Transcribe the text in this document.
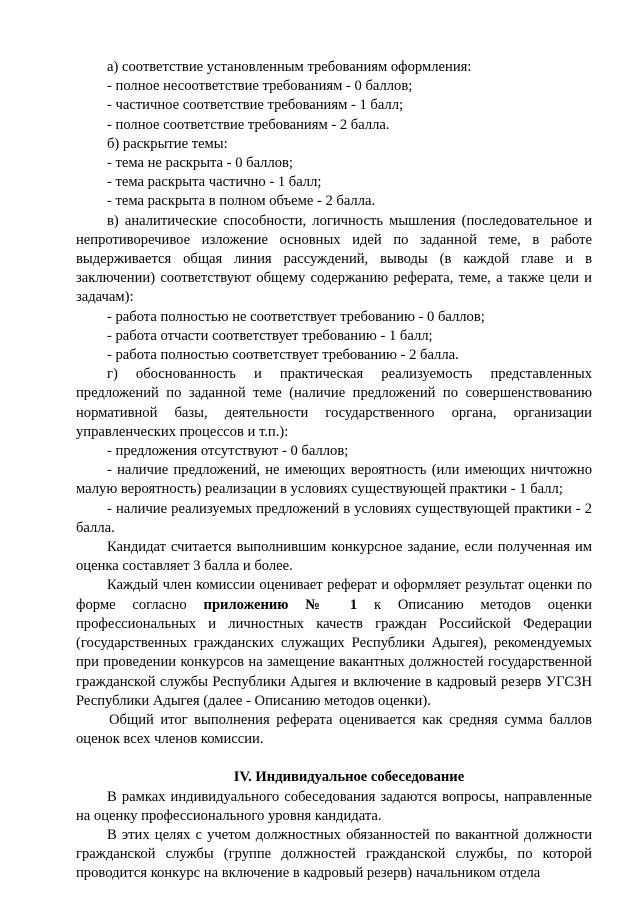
а) соответствие установленным требованиям оформления:

- полное несоответствие требованиям - 0 баллов;

- частичное соответствие требованиям - 1 балл;

- полное соответствие требованиям - 2 балла.

б) раскрытие темы:

- тема не раскрыта - 0 баллов;

- тема раскрыта частично - 1 балл;

- тема раскрыта в полном объеме - 2 балла.

в) аналитические способности, логичность мышления (последовательное и непротиворечивое изложение основных идей по заданной теме, в работе выдерживается общая линия рассуждений, выводы (в каждой главе и в заключении) соответствуют общему содержанию реферата, теме, а также цели и задачам):

- работа полностью не соответствует требованию - 0 баллов;

- работа отчасти соответствует требованию - 1 балл;

- работа полностью соответствует требованию - 2 балла.

г) обоснованность и практическая реализуемость представленных предложений по заданной теме (наличие предложений по совершенствованию нормативной базы, деятельности государственного органа, организации управленческих процессов и т.п.):

- предложения отсутствуют - 0 баллов;

- наличие предложений, не имеющих вероятность (или имеющих ничтожно малую вероятность) реализации в условиях существующей практики - 1 балл;

- наличие реализуемых предложений в условиях существующей практики - 2 балла.

Кандидат считается выполнившим конкурсное задание, если полученная им оценка составляет 3 балла и более.

Каждый член комиссии оценивает реферат и оформляет результат оценки по форме согласно приложению № 1 к Описанию методов оценки профессиональных и личностных качеств граждан Российской Федерации (государственных гражданских служащих Республики Адыгея), рекомендуемых при проведении конкурсов на замещение вакантных должностей государственной гражданской службы Республики Адыгея и включение в кадровый резерв УГСЗН Республики Адыгея (далее - Описанию методов оценки).

Общий итог выполнения реферата оценивается как средняя сумма баллов оценок всех членов комиссии.

IV. Индивидуальное собеседование

В рамках индивидуального собеседования задаются вопросы, направленные на оценку профессионального уровня кандидата.

В этих целях с учетом должностных обязанностей по вакантной должности гражданской службы (группе должностей гражданской службы, по которой проводится конкурс на включение в кадровый резерв) начальником отдела
